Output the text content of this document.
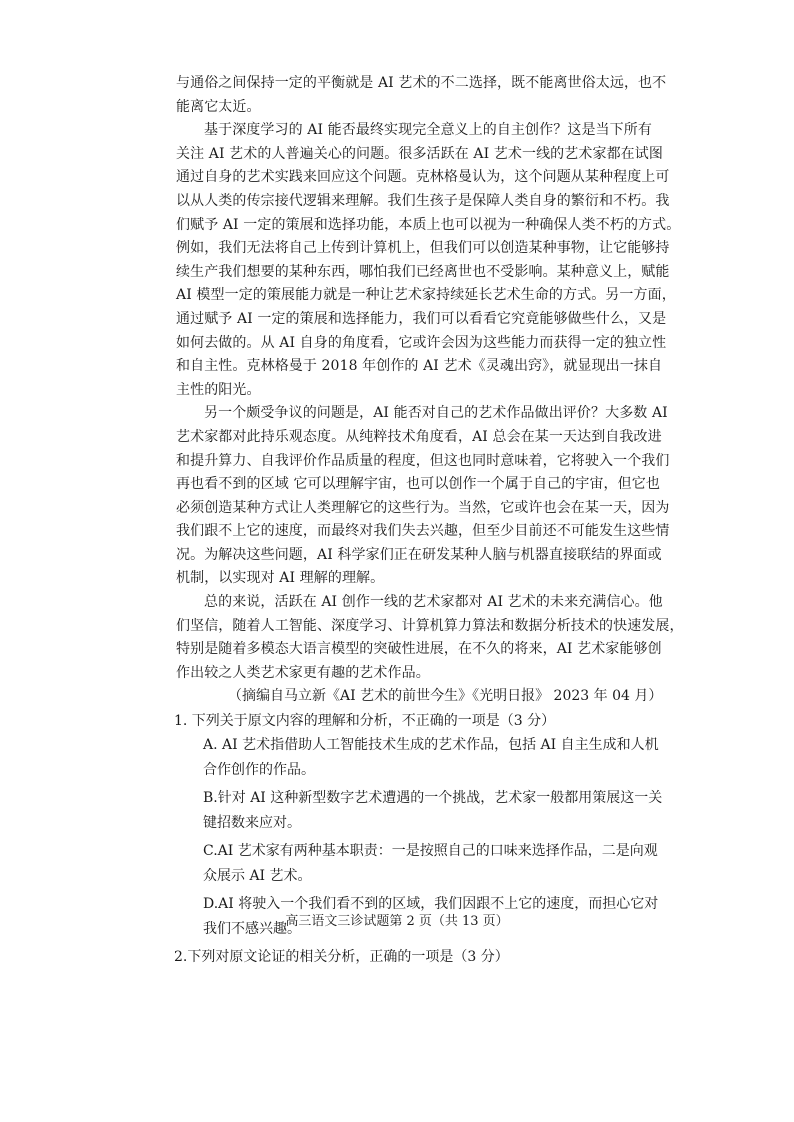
与通俗之间保持一定的平衡就是 AI 艺术的不二选择，既不能离世俗太远，也不
能离它太近。
基于深度学习的 AI 能否最终实现完全意义上的自主创作？这是当下所有
关注 AI 艺术的人普遍关心的问题。很多活跃在 AI 艺术一线的艺术家都在试图
通过自身的艺术实践来回应这个问题。克林格曼认为，这个问题从某种程度上可
以从人类的传宗接代逻辑来理解。我们生孩子是保障人类自身的繁衍和不朽。我
们赋予 AI 一定的策展和选择功能，本质上也可以视为一种确保人类不朽的方式。
例如，我们无法将自己上传到计算机上，但我们可以创造某种事物，让它能够持
续生产我们想要的某种东西，哪怕我们已经离世也不受影响。某种意义上，赋能
AI 模型一定的策展能力就是一种让艺术家持续延长艺术生命的方式。另一方面，
通过赋予 AI 一定的策展和选择能力，我们可以看看它究竟能够做些什么，又是
如何去做的。从 AI 自身的角度看，它或许会因为这些能力而获得一定的独立性
和自主性。克林格曼于 2018 年创作的 AI 艺术《灵魂出窍》，就显现出一抹自
主性的阳光。
另一个颇受争议的问题是，AI 能否对自己的艺术作品做出评价？大多数 AI
艺术家都对此持乐观态度。从纯粹技术角度看，AI 总会在某一天达到自我改进
和提升算力、自我评价作品质量的程度，但这也同时意味着，它将驶入一个我们
再也看不到的区域 它可以理解宇宙，也可以创作一个属于自己的宇宙，但它也
必须创造某种方式让人类理解它的这些行为。当然，它或许也会在某一天，因为
我们跟不上它的速度，而最终对我们失去兴趣，但至少目前还不可能发生这些情
况。为解决这些问题，AI 科学家们正在研发某种人脑与机器直接联结的界面或
机制，以实现对 AI 理解的理解。
总的来说，活跃在 AI 创作一线的艺术家都对 AI 艺术的未来充满信心。他
们坚信，随着人工智能、深度学习、计算机算力算法和数据分析技术的快速发展，
特别是随着多模态大语言模型的突破性进展，在不久的将来，AI 艺术家能够创
作出较之人类艺术家更有趣的艺术作品。
（摘编自马立新《AI 艺术的前世今生》《光明日报》 2023 年 04 月）
1. 下列关于原文内容的理解和分析，不正确的一项是（3 分）
A. AI 艺术指借助人工智能技术生成的艺术作品，包括 AI 自主生成和人机
合作创作的作品。
B.针对 AI 这种新型数字艺术遭遇的一个挑战，艺术家一般都用策展这一关
键招数来应对。
C.AI 艺术家有两种基本职责：一是按照自己的口味来选择作品，二是向观
众展示 AI 艺术。
D.AI 将驶入一个我们看不到的区域，我们因跟不上它的速度，而担心它对
我们不感兴趣。
2.下列对原文论证的相关分析，正确的一项是（3 分）
高三语文三诊试题第 2 页（共 13 页）
